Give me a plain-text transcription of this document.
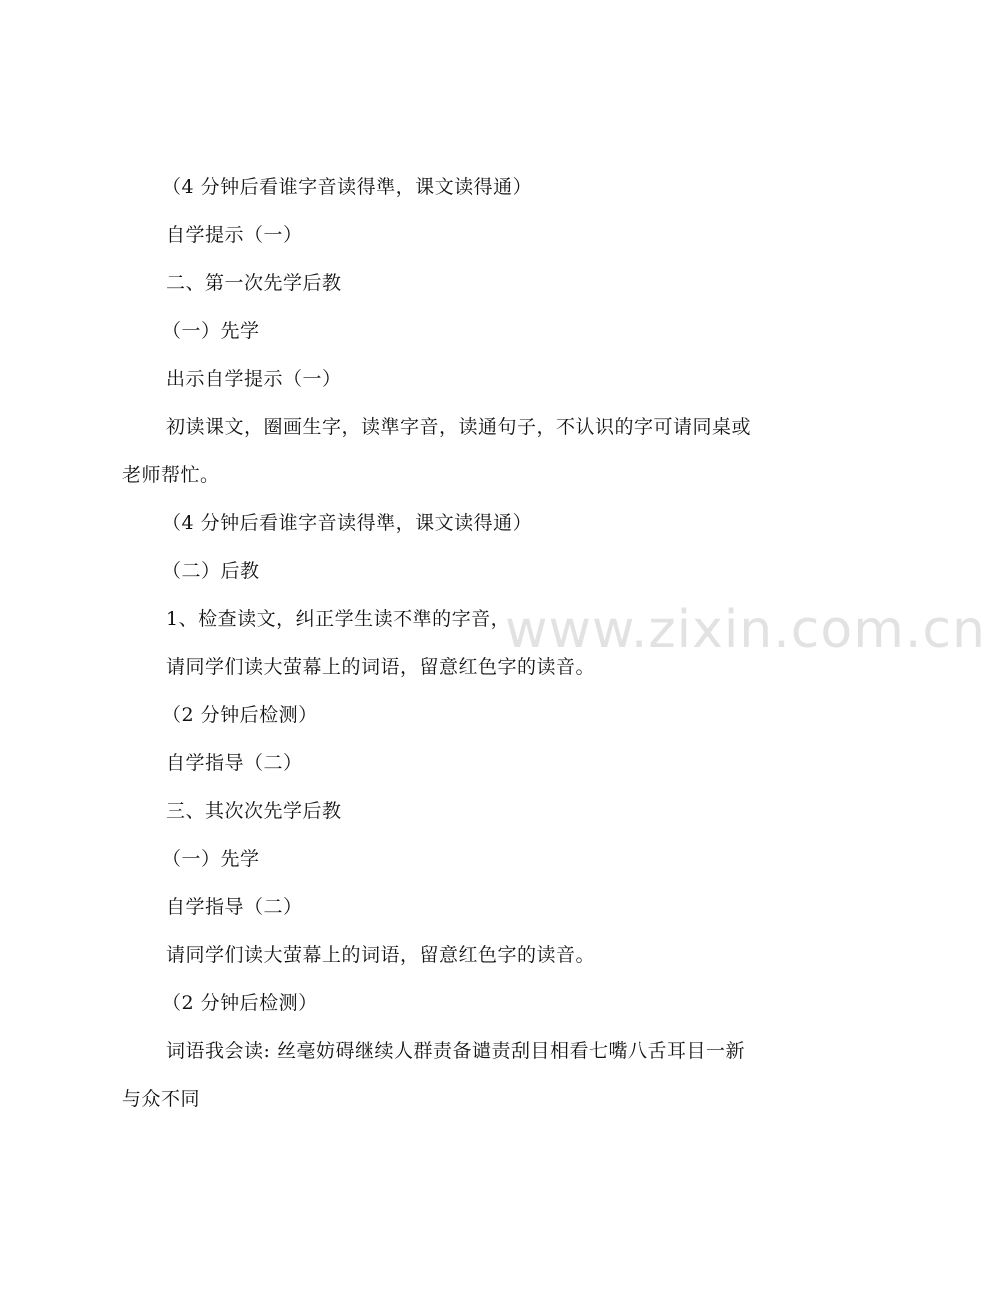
（4 分钟后看谁字音读得準，课文读得通）
自学提示（一）
二、第一次先学后教
（一）先学
出示自学提示（一）
初读课文，圈画生字，读準字音，读通句子，不认识的字可请同桌或
老师帮忙。
（4 分钟后看谁字音读得準，课文读得通）
（二）后教
1、检查读文，纠正学生读不準的字音，
请同学们读大萤幕上的词语，留意红色字的读音。
（2 分钟后检测）
自学指导（二）
三、其次次先学后教
（一）先学
自学指导（二）
请同学们读大萤幕上的词语，留意红色字的读音。
（2 分钟后检测）
词语我会读: 丝毫妨碍继续人群责备谴责刮目相看七嘴八舌耳目一新
与众不同
www.zixin.com.cn
